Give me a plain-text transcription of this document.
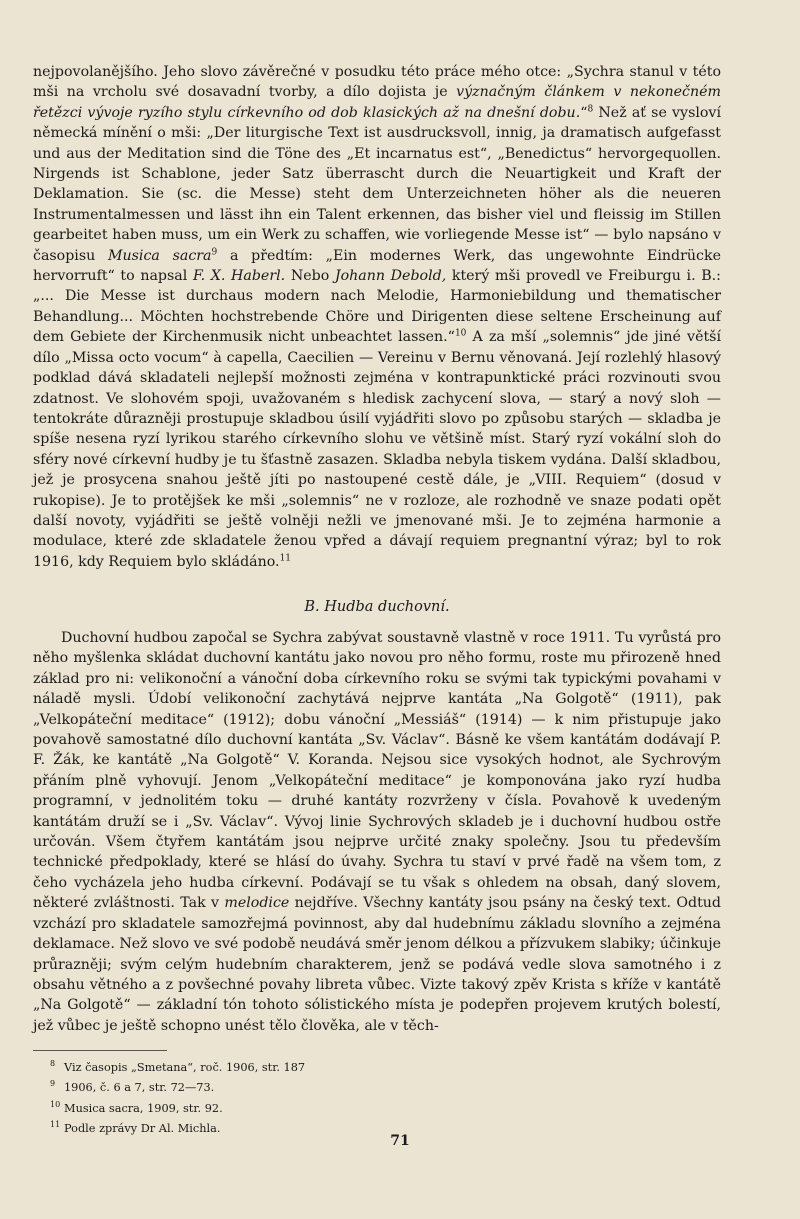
nejpovolanějšího. Jeho slovo závěrečné v posudku této práce mého otce: „Sychra stanul v této mši na vrcholu své dosavadní tvorby, a dílo dojista je význačným článkem v nekonečném řetězci vývoje ryzího stylu církevního od dob klasických až na dnešní dobu.“$^8$ Než ať se vysloví německá mínění o mši: „Der liturgische Text ist ausdrucksvoll, innig, ja dramatisch aufgefasst und aus der Meditation sind die Töne des „Et incarnatus est“, „Benedictus“ hervorgequollen. Nirgends ist Schablone, jeder Satz überrascht durch die Neuartigkeit und Kraft der Deklamation. Sie (sc. die Messe) steht dem Unterzeichneten höher als die neueren Instrumentalmessen und lässt ihn ein Talent erkennen, das bisher viel und fleissig im Stillen gearbeitet haben muss, um ein Werk zu schaffen, wie vorliegende Messe ist“ — bylo napsáno v časopisu Musica sacra$^9$ a předtím: „Ein modernes Werk, das ungewohnte Eindrücke hervorruft“ to napsal F. X. Haberl. Nebo Johann Debold, který mši provedl ve Freiburgu i. B.: „... Die Messe ist durchaus modern nach Melodie, Harmoniebildung und thematischer Behandlung... Möchten hochstrebende Chöre und Dirigenten diese seltene Erscheinung auf dem Gebiete der Kirchenmusik nicht unbeachtet lassen.“$^{10}$ A za mší „solemnis“ jde jiné větší dílo „Missa octo vocum“ à capella, Caecilien — Vereinu v Bernu věnovaná. Její rozlehlý hlasový podklad dává skladateli nejlepší možnosti zejména v kontrapunktické práci rozvinouti svou zdatnost. Ve slohovém spoji, uvažovaném s hledisk zachycení slova, — starý a nový sloh — tentokráte důrazněji prostupuje skladbou úsilí vyjádřiti slovo po způsobu starých — skladba je spíše nesena ryzí lyrikou starého církevního slohu ve většině míst. Starý ryzí vokální sloh do sféry nové církevní hudby je tu šťastně zasazen. Skladba nebyla tiskem vydána. Další skladbou, jež je prosycena snahou ještě jíti po nastoupené cestě dále, je „VIII. Requiem“ (dosud v rukopise). Je to protějšek ke mši „solemnis“ ne v rozloze, ale rozhodně ve snaze podati opět další novoty, vyjádřiti se ještě volněji nežli ve jmenované mši. Je to zejména harmonie a modulace, které zde skladatele ženou vpřed a dávají requiem pregnantní výraz; byl to rok 1916, kdy Requiem bylo skládáno.$^{11}$

B. Hudba duchovní.

Duchovní hudbou započal se Sychra zabývat soustavně vlastně v roce 1911. Tu vyrůstá pro něho myšlenka skládat duchovní kantátu jako novou pro něho formu, roste mu přirozeně hned základ pro ni: velikonoční a vánoční doba církevního roku se svými tak typickými povahami v náladě mysli. Údobí velikonoční zachytává nejprve kantáta „Na Golgotě“ (1911), pak „Velkopáteční meditace“ (1912); dobu vánoční „Messiáš“ (1914) — k nim přistupuje jako povahově samostatné dílo duchovní kantáta „Sv. Václav“. Básně ke všem kantátám dodávají P. F. Žák, ke kantátě „Na Golgotě“ V. Koranda. Nejsou sice vysokých hodnot, ale Sychrovým přáním plně vyhovují. Jenom „Velkopáteční meditace“ je komponována jako ryzí hudba programní, v jednolitém toku — druhé kantáty rozvrženy v čísla. Povahově k uvedeným kantátám druží se i „Sv. Václav“. Vývoj linie Sychrových skladeb je i duchovní hudbou ostře určován. Všem čtyřem kantátám jsou nejprve určité znaky společny. Jsou tu především technické předpoklady, které se hlásí do úvahy. Sychra tu staví v prvé řadě na všem tom, z čeho vycházela jeho hudba církevní. Podávají se tu však s ohledem na obsah, daný slovem, některé zvláštnosti. Tak v melodice nejdříve. Všechny kantáty jsou psány na český text. Odtud vzchází pro skladatele samozřejmá povinnost, aby dal hudebnímu základu slovního a zejména deklamace. Než slovo ve své podobě neudává směr jenom délkou a přízvukem slabiky; účinkuje průrazněji; svým celým hudebním charakterem, jenž se podává vedle slova samotného i z obsahu větného a z povšechné povahy libreta vůbec. Vizte takový zpěv Krista s kříže v kantátě „Na Golgotě“ — základní tón tohoto sólistického místa je podepřen projevem krutých bolestí, jež vůbec je ještě schopno unést tělo člověka, ale v těch-

$^8$ Viz časopis „Smetana“, roč. 1906, str. 187
$^9$ 1906, č. 6 a 7, str. 72—73.
$^{10}$ Musica sacra, 1909, str. 92.
$^{11}$ Podle zprávy Dr Al. Michla.
71
